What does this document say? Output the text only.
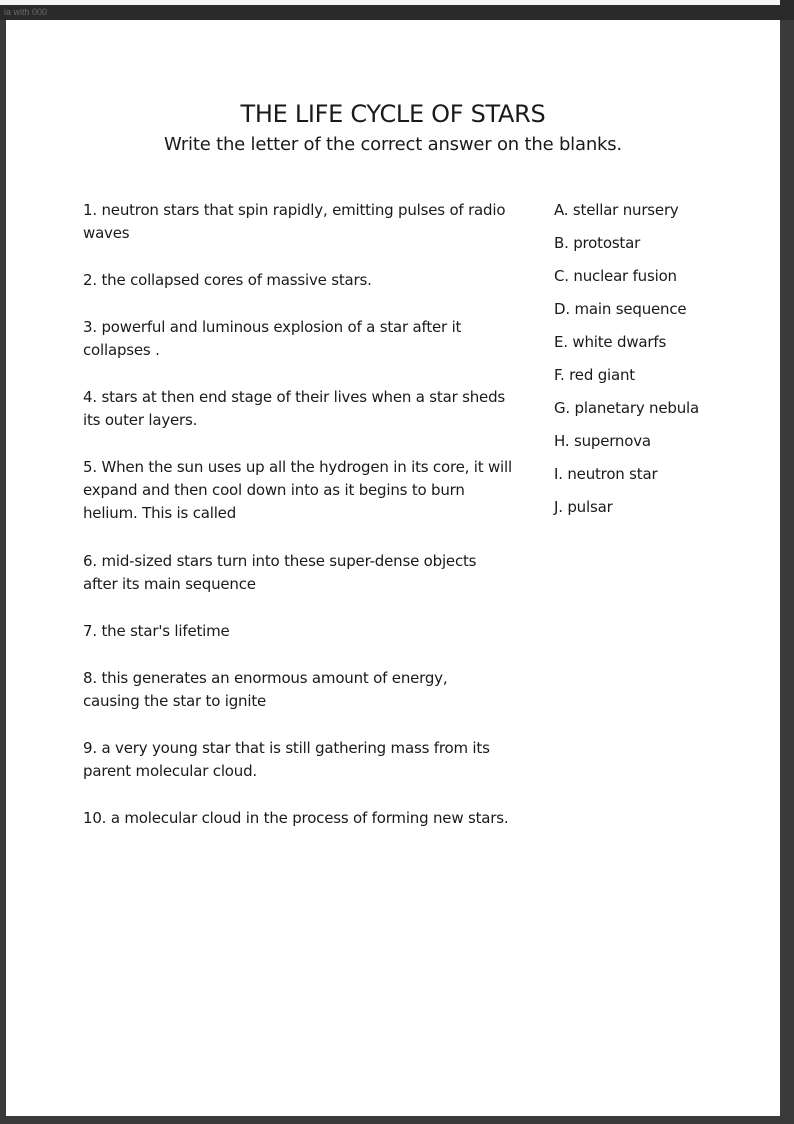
ia with 000
THE LIFE CYCLE OF STARS
Write the letter of the correct answer on the blanks.
1. neutron stars that spin rapidly, emitting pulses of radio waves
2. the collapsed cores of massive stars.
3. powerful and luminous explosion of a star after it collapses .
4. stars at then end stage of their lives when a star sheds its outer layers.
5. When the sun uses up all the hydrogen in its core, it will expand and then cool down into as it begins to burn helium. This is called
6. mid-sized stars turn into these super-dense objects after its main sequence
7. the star's lifetime
8. this generates an enormous amount of energy, causing the star to ignite
9. a very young star that is still gathering mass from its parent molecular cloud.
10. a molecular cloud in the process of forming new stars.
A. stellar nursery
B. protostar
C. nuclear fusion
D. main sequence
E. white dwarfs
F. red giant
G. planetary nebula
H. supernova
I. neutron star
J. pulsar
